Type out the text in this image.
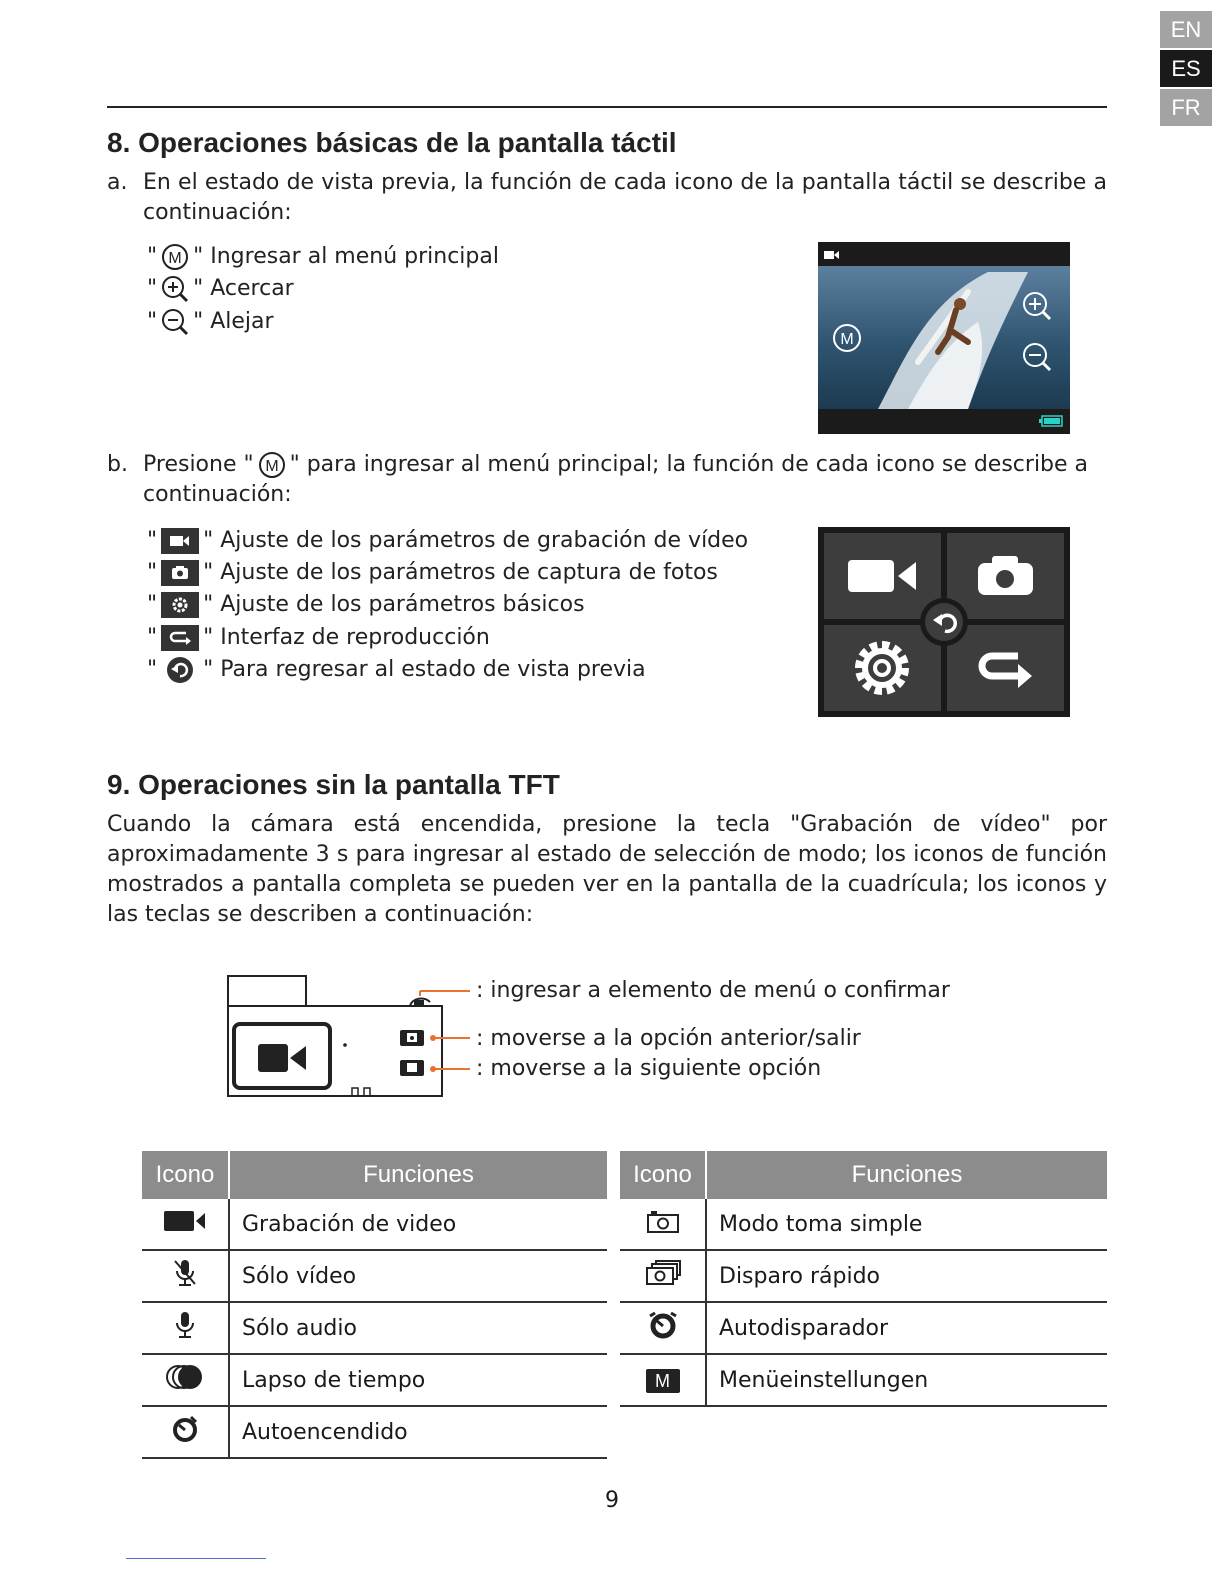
EN
ES
FR
8. Operaciones básicas de la pantalla táctil
a. En el estado de vista previa, la función de cada icono de la pantalla táctil se describe a continuación:
" M " Ingresar al menú principal
" " Acercar
" " Alejar
M
b. Presione " M " para ingresar al menú principal; la función de cada icono se describe a continuación:
" " Ajuste de los parámetros de grabación de vídeo
" " Ajuste de los parámetros de captura de fotos
" " Ajuste de los parámetros básicos
" " Interfaz de reproducción
" " Para regresar al estado de vista previa
9. Operaciones sin la pantalla TFT
Cuando la cámara está encendida, presione la tecla "Grabación de vídeo" por aproximadamente 3 s para ingresar al estado de selección de modo; los iconos de función mostrados a pantalla completa se pueden ver en la pantalla de la cuadrícula; los iconos y las teclas se describen a continuación:
: ingresar a elemento de menú o confirmar
: moverse a la opción anterior/salir
: moverse a la siguiente opción
Icono	Funciones
	Grabación de video
	Sólo vídeo
	Sólo audio
	Lapso de tiempo
	Autoencendido
Icono	Funciones
	Modo toma simple
	Disparo rápido
	Autodisparador
M	Menüeinstellungen
9
